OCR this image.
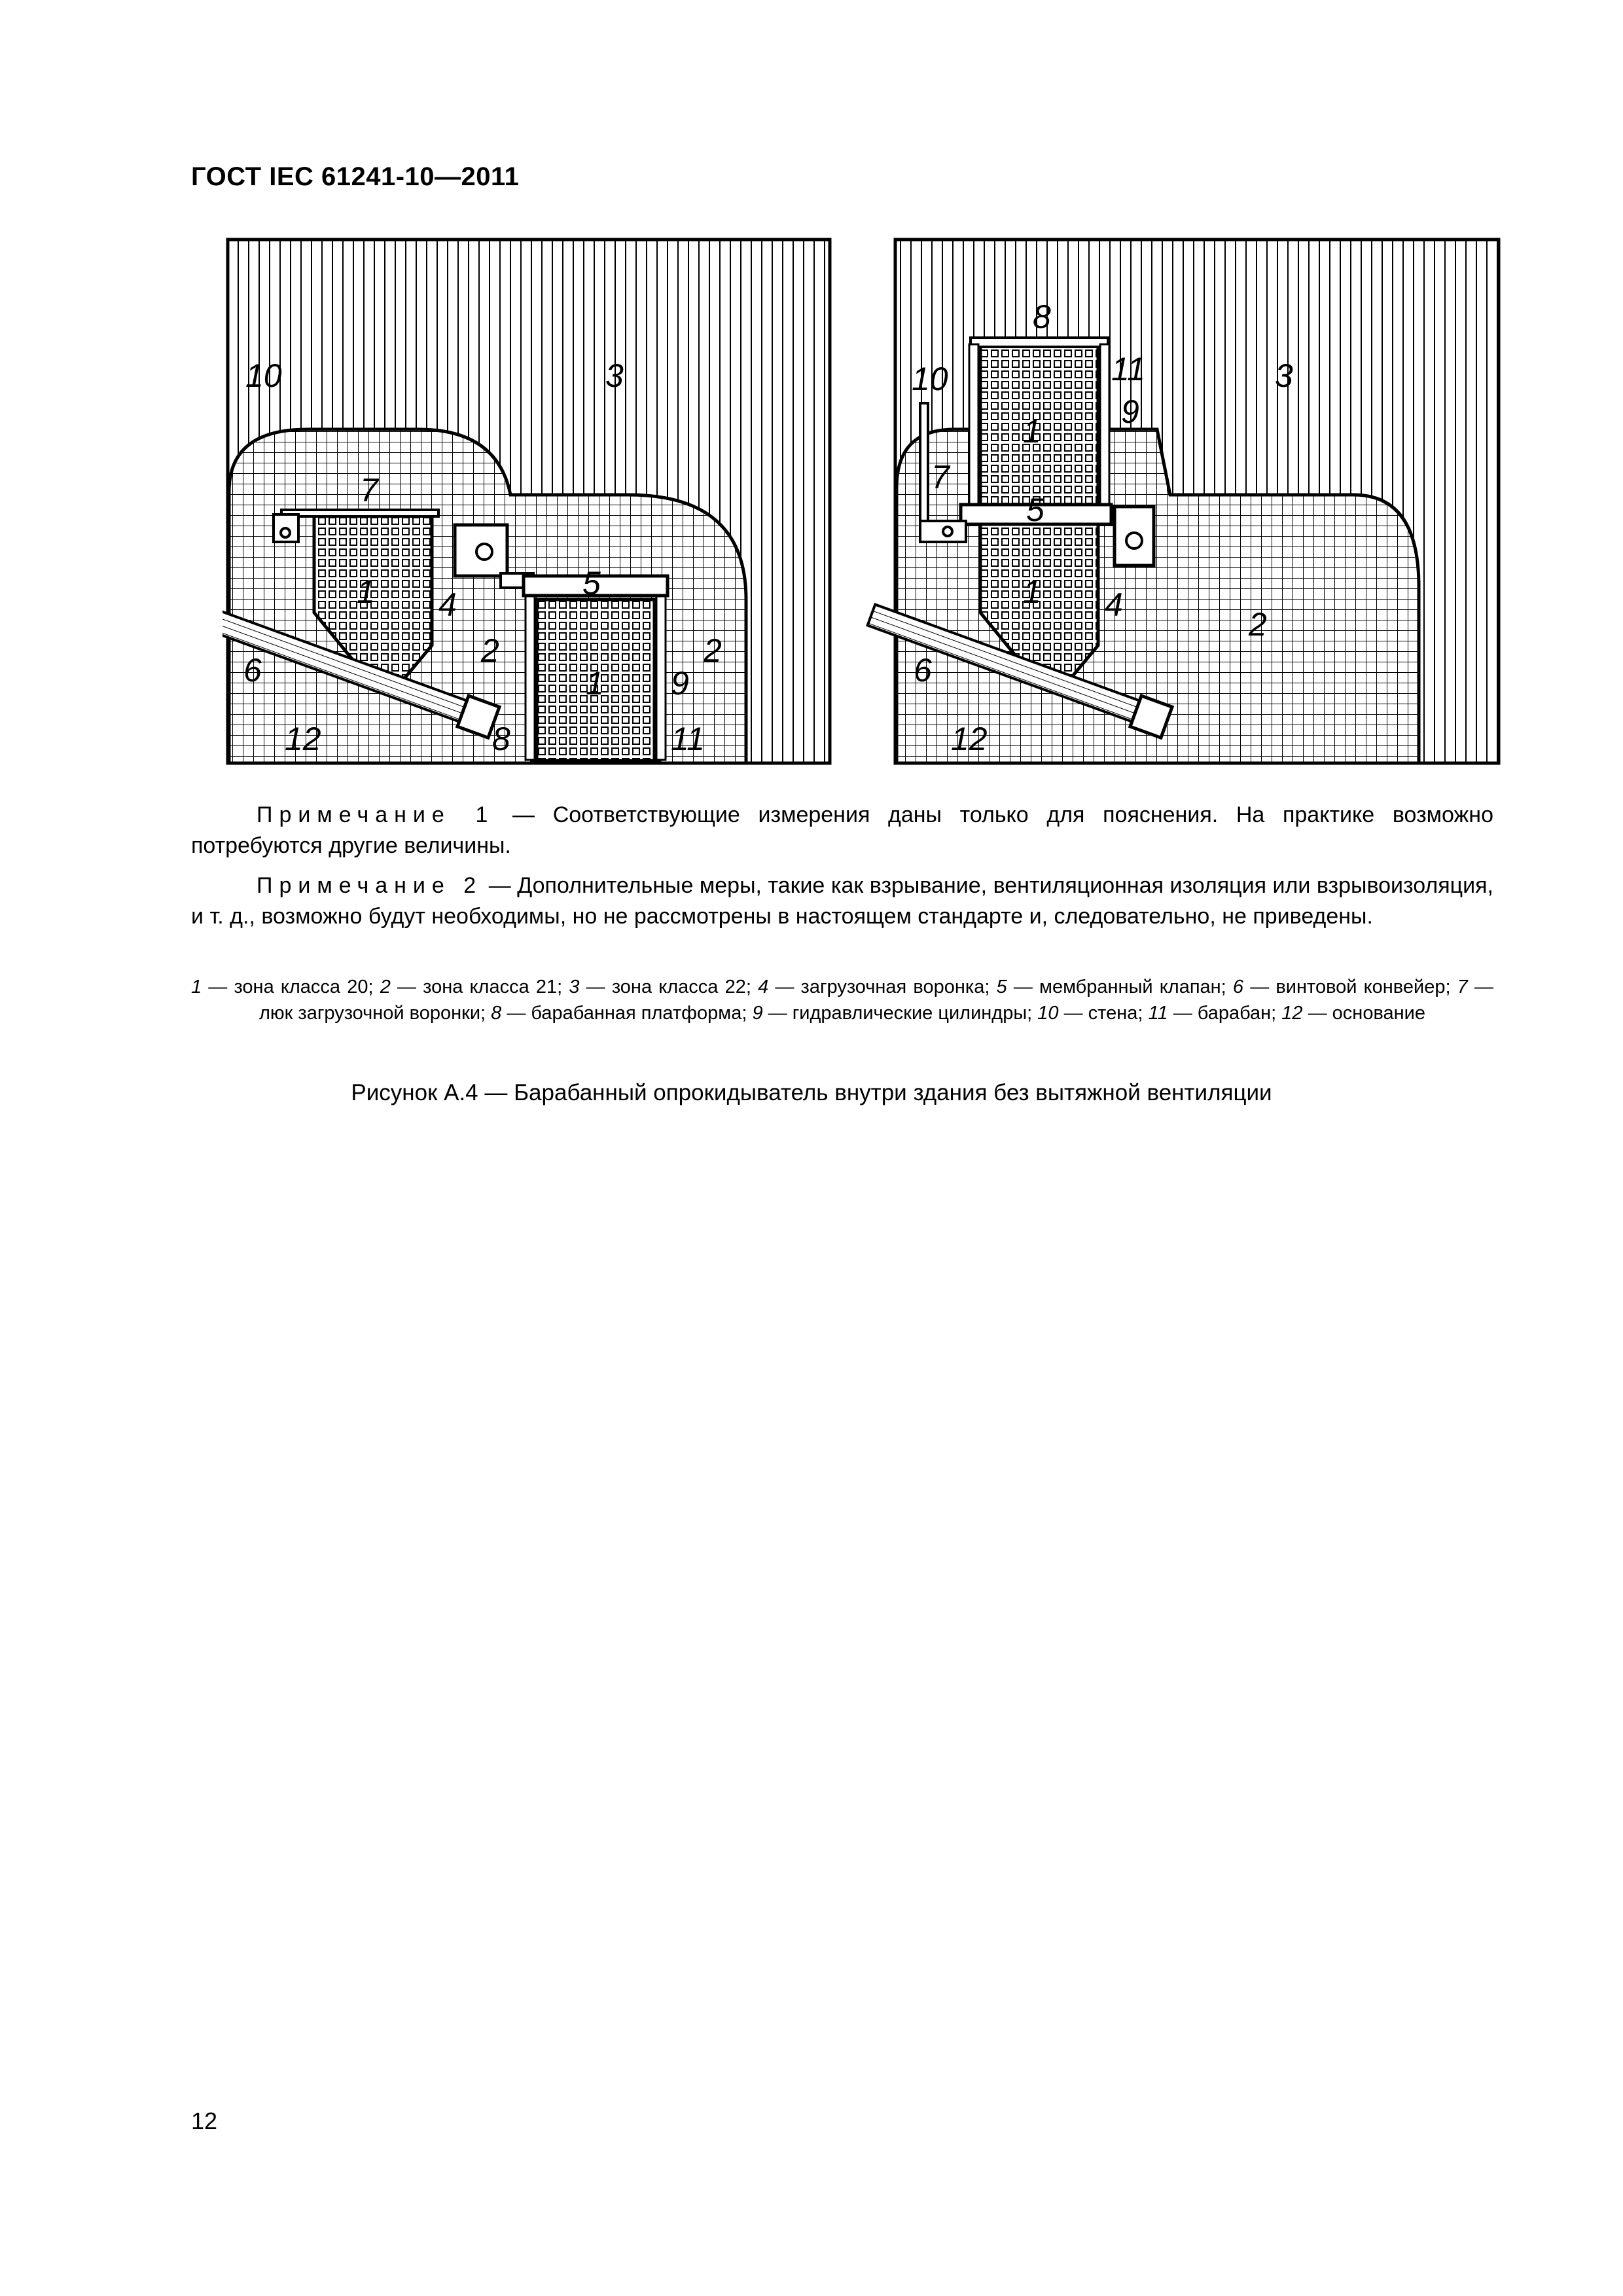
ГОСТ IEC 61241-10—2011
10	3
7
1 4
5
2	2
1 9
6
12	8	11
8
10	11	3
9
1
7
5
1 4
2
6
12
Примечание 1 — Соответствующие измерения даны только для пояснения. На практике возможно потребуются другие величины.
Примечание 2 — Дополнительные меры, такие как взрывание, вентиляционная изоляция или взрывоизоляция, и т. д., возможно будут необходимы, но не рассмотрены в настоящем стандарте и, следовательно, не приведены.
1 — зона класса 20; 2 — зона класса 21; 3 — зона класса 22; 4 — загрузочная воронка; 5 — мембранный клапан; 6 — винтовой конвейер; 7 — люк загрузочной воронки; 8 — барабанная платформа; 9 — гидравлические цилиндры; 10 — стена; 11 — барабан; 12 — основание
Рисунок А.4 — Барабанный опрокидыватель внутри здания без вытяжной вентиляции
12
